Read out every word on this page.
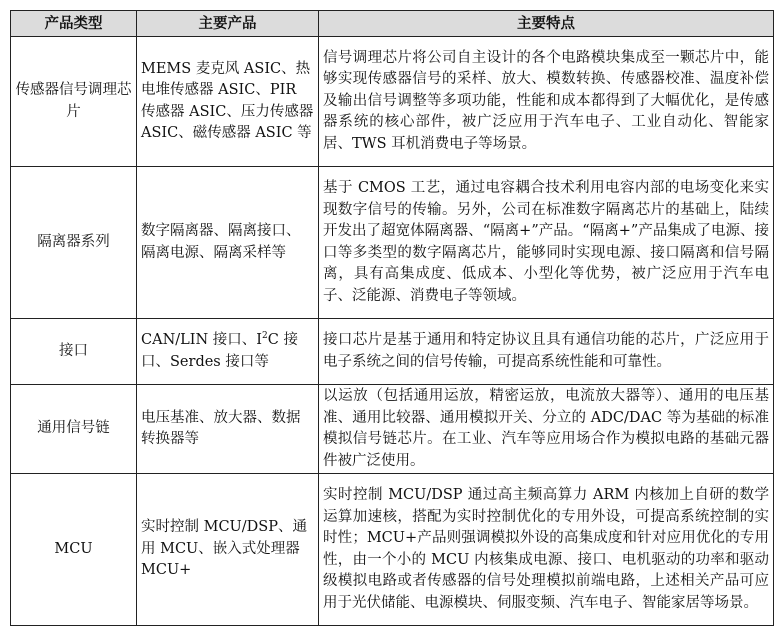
产品类型	主要产品	主要特点
传感器信号调理芯片	MEMS 麦克风 ASIC、热电堆传感器 ASIC、PIR 传感器 ASIC、压力传感器 ASIC、磁传感器 ASIC 等	信号调理芯片将公司自主设计的各个电路模块集成至一颗芯片中，能够实现传感器信号的采样、放大、模数转换、传感器校准、温度补偿及输出信号调整等多项功能，性能和成本都得到了大幅优化，是传感器系统的核心部件，被广泛应用于汽车电子、工业自动化、智能家居、TWS 耳机消费电子等场景。
隔离器系列	数字隔离器、隔离接口、隔离电源、隔离采样等	基于 CMOS 工艺，通过电容耦合技术利用电容内部的电场变化来实现数字信号的传输。另外，公司在标准数字隔离芯片的基础上，陆续开发出了超宽体隔离器、“隔离+”产品。“隔离+”产品集成了电源、接口等多类型的数字隔离芯片，能够同时实现电源、接口隔离和信号隔离，具有高集成度、低成本、小型化等优势，被广泛应用于汽车电子、泛能源、消费电子等领域。
接口	CAN/LIN 接口、$I^2C$ 接口、Serdes 接口等	接口芯片是基于通用和特定协议且具有通信功能的芯片，广泛应用于电子系统之间的信号传输，可提高系统性能和可靠性。
通用信号链	电压基准、放大器、数据转换器等	以运放（包括通用运放，精密运放，电流放大器等）、通用的电压基准、通用比较器、通用模拟开关、分立的 ADC/DAC 等为基础的标准模拟信号链芯片。在工业、汽车等应用场合作为模拟电路的基础元器件被广泛使用。
MCU	实时控制 MCU/DSP、通用 MCU、嵌入式处理器 MCU+	实时控制 MCU/DSP 通过高主频高算力 ARM 内核加上自研的数学运算加速核，搭配为实时控制优化的专用外设，可提高系统控制的实时性；MCU+产品则强调模拟外设的高集成度和针对应用优化的专用性，由一个小的 MCU 内核集成电源、接口、电机驱动的功率和驱动级模拟电路或者传感器的信号处理模拟前端电路，上述相关产品可应用于光伏储能、电源模块、伺服变频、汽车电子、智能家居等场景。
